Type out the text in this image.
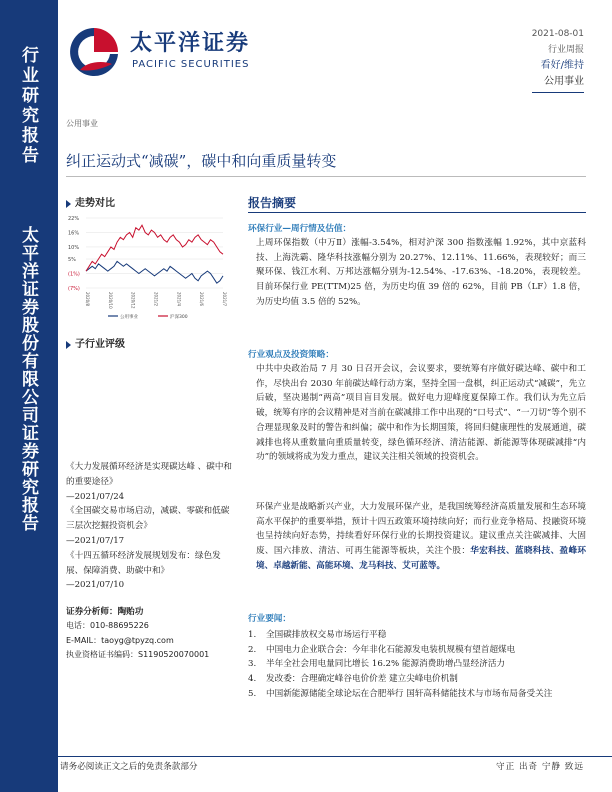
行业研究报告
太平洋证券股份有限公司证券研究报告
太平洋证券
PACIFIC SECURITIES
2021-08-01
行业周报
看好/维持
公用事业
公用事业
纠正运动式“减碳”，碳中和向重质量转变
走势对比
22%
16%
10%
5%
(1%)
(7%)
2020/8	2020/10	2020/12	2021/2	2021/4	2021/6	2021/7
公用事业	沪深300
子行业评级
《大力发展循环经济是实现碳达峰 、碳中和的重要途径》
—2021/07/24
《全国碳交易市场启动，减碳、零碳和低碳三层次挖掘投资机会》
—2021/07/17
《十四五循环经济发展规划发布：绿色发展、保障消费、助碳中和》
—2021/07/10
证券分析师：陶贻功
电话：010-88695226
E-MAIL：taoyg@tpyzq.com
执业资格证书编码：S1190520070001
报告摘要
环保行业—周行情及估值：
上周环保指数（中万Ⅱ）涨幅-3.54%，相对沪深 300 指数涨幅 1.92%，其中京蓝科技、上海洗霸、隆华科技涨幅分别为 20.27%、12.11%、11.66%，表现较好；而三聚环保、钱江水利、万邦达涨幅分别为-12.54%、-17.63%、-18.20%，表现较差。目前环保行业 PE(TTM)25 倍，为历史均值 39 倍的 62%，目前 PB（LF）1.8 倍，为历史均值 3.5 倍的 52%。
行业观点及投资策略：
中共中央政治局 7 月 30 日召开会议，会议要求，要统筹有序做好碳达峰、碳中和工作，尽快出台 2030 年前碳达峰行动方案，坚持全国一盘棋，纠正运动式“减碳”，先立后破，坚决遏制“两高”项目盲目发展。做好电力迎峰度夏保障工作。我们认为先立后破，统筹有序的会议精神是对当前在碳减排工作中出现的“口号式”、“一刀切”等个别不合理显现象及时的警告和纠偏；碳中和作为长期国策，将回归健康理性的发展通道，碳减排也将从重数量向重质量转变，绿色循环经济、清洁能源、新能源等体现碳减排“内功”的领域将成为发力重点，建议关注相关领域的投资机会。
环保产业是战略新兴产业，大力发展环保产业，是我国统筹经济高质量发展和生态环境高水平保护的重要举措，预计十四五政策环境持续向好；而行业竞争格局、投融资环境也呈持续向好态势，持续看好环保行业的长期投资建议。建议重点关注碳减排、大固废、国六排放、清洁、可再生能源等板块，关注个股：华宏科技、蓝晓科技、盈峰环境、卓越新能、高能环境、龙马科技、艾可蓝等。
行业要闻：
1.	全国碳排放权交易市场运行平稳
2.	中国电力企业联合会：今年非化石能源发电装机规模有望首超煤电
3.	半年全社会用电量同比增长 16.2% 能源消费助增凸显经济活力
4.	发改委：合理确定峰谷电价价差 建立尖峰电价机制
5.	中国新能源储能全球论坛在合肥举行 国轩高科储能技术与市场布局备受关注
请务必阅读正文之后的免责条款部分	守正 出奇 宁静 致远
